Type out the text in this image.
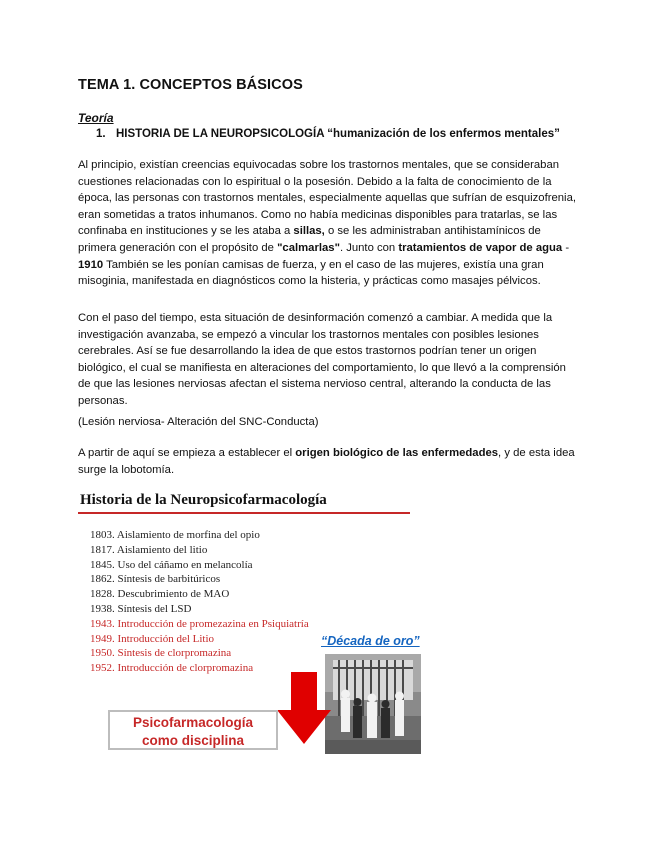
TEMA 1. CONCEPTOS BÁSICOS
Teoría
1. HISTORIA DE LA NEUROPSICOLOGÍA “humanización de los enfermos mentales”

Al principio, existían creencias equivocadas sobre los trastornos mentales, que se consideraban cuestiones relacionadas con lo espiritual o la posesión. Debido a la falta de conocimiento de la época, las personas con trastornos mentales, especialmente aquellas que sufrían de esquizofrenia, eran sometidas a tratos inhumanos. Como no había medicinas disponibles para tratarlas, se las confinaba en instituciones y se les ataba a sillas, o se les administraban antihistamínicos de primera generación con el propósito de "calmarlas". Junto con tratamientos de vapor de agua - 1910 También se les ponían camisas de fuerza, y en el caso de las mujeres, existía una gran misoginia, manifestada en diagnósticos como la histeria, y prácticas como masajes pélvicos.

Con el paso del tiempo, esta situación de desinformación comenzó a cambiar. A medida que la investigación avanzaba, se empezó a vincular los trastornos mentales con posibles lesiones cerebrales. Así se fue desarrollando la idea de que estos trastornos podrían tener un origen biológico, el cual se manifiesta en alteraciones del comportamiento, lo que llevó a la comprensión de que las lesiones nerviosas afectan el sistema nervioso central, alterando la conducta de las personas.

(Lesión nerviosa- Alteración del SNC-Conducta)

A partir de aquí se empieza a establecer el origen biológico de las enfermedades, y de esta idea surge la lobotomía.

Historia de la Neuropsicofarmacología
1803. Aislamiento de morfina del opio
1817. Aislamiento del litio
1845. Uso del cáñamo en melancolía
1862. Síntesis de barbitúricos
1828. Descubrimiento de MAO
1938. Síntesis del LSD
1943. Introducción de promezazina en Psiquiatría
1949. Introducción del Litio
1950. Síntesis de clorpromazina
1952. Introducción de clorpromazina
“Década de oro”
Psicofarmacología
como disciplina
